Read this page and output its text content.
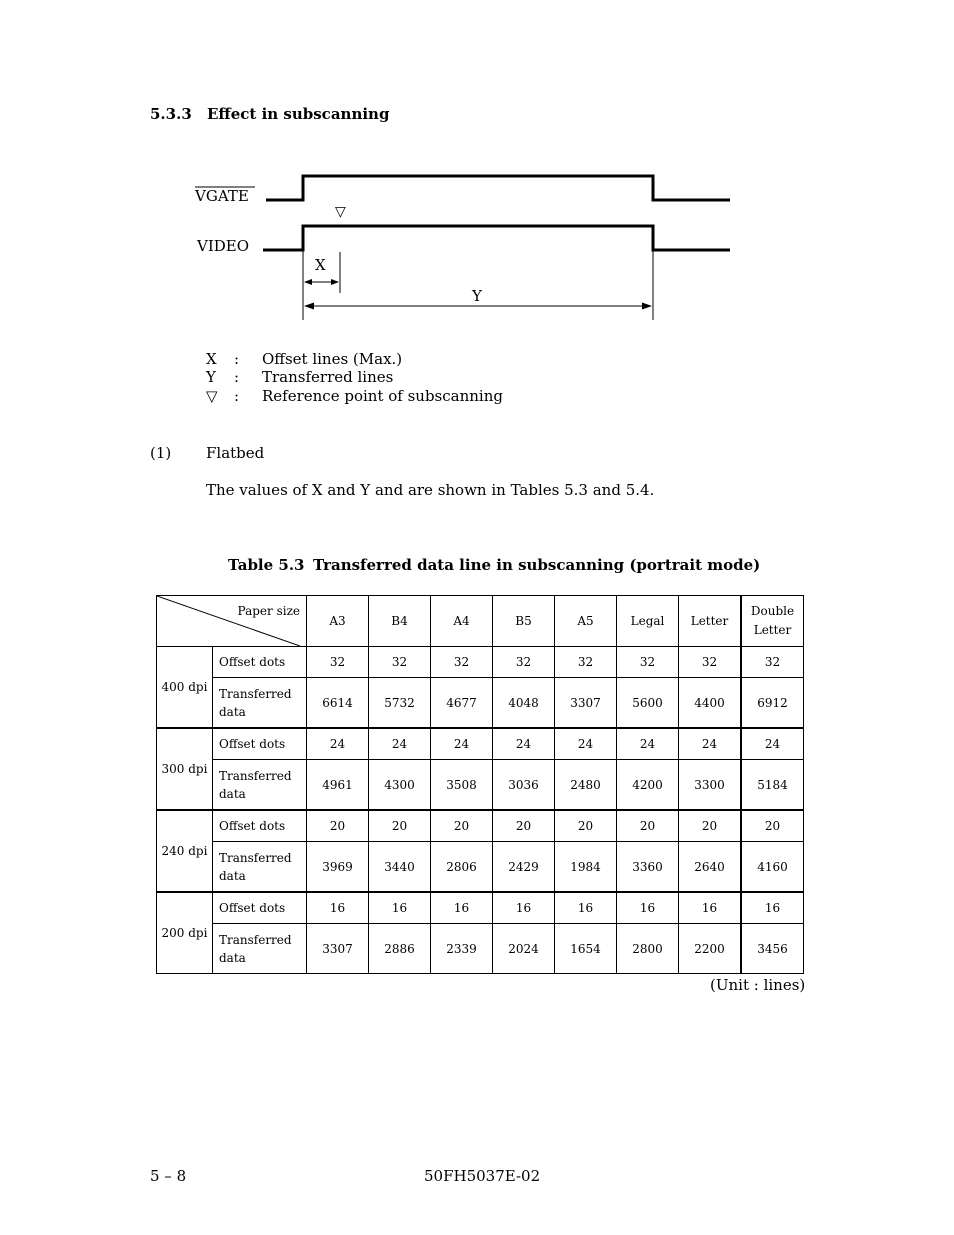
5.3.3 Effect in subscanning
VGATE
VIDEO
▽
X
Y
X : Offset lines (Max.)
Y : Transferred lines
▽ : Reference point of subscanning
(1) Flatbed
The values of X and Y and are shown in Tables 5.3 and 5.4.
Table 5.3 Transferred data line in subscanning (portrait mode)
Paper size		A3	B4	A4	B5	A5	Legal	Letter	Double
Letter
400 dpi	Offset dots	32	32	32	32	32	32	32	32
	Transferred
data	6614	5732	4677	4048	3307	5600	4400	6912
300 dpi	Offset dots	24	24	24	24	24	24	24	24
	Transferred
data	4961	4300	3508	3036	2480	4200	3300	5184
240 dpi	Offset dots	20	20	20	20	20	20	20	20
	Transferred
data	3969	3440	2806	2429	1984	3360	2640	4160
200 dpi	Offset dots	16	16	16	16	16	16	16	16
	Transferred
data	3307	2886	2339	2024	1654	2800	2200	3456
(Unit : lines)
5 – 8	50FH5037E-02
